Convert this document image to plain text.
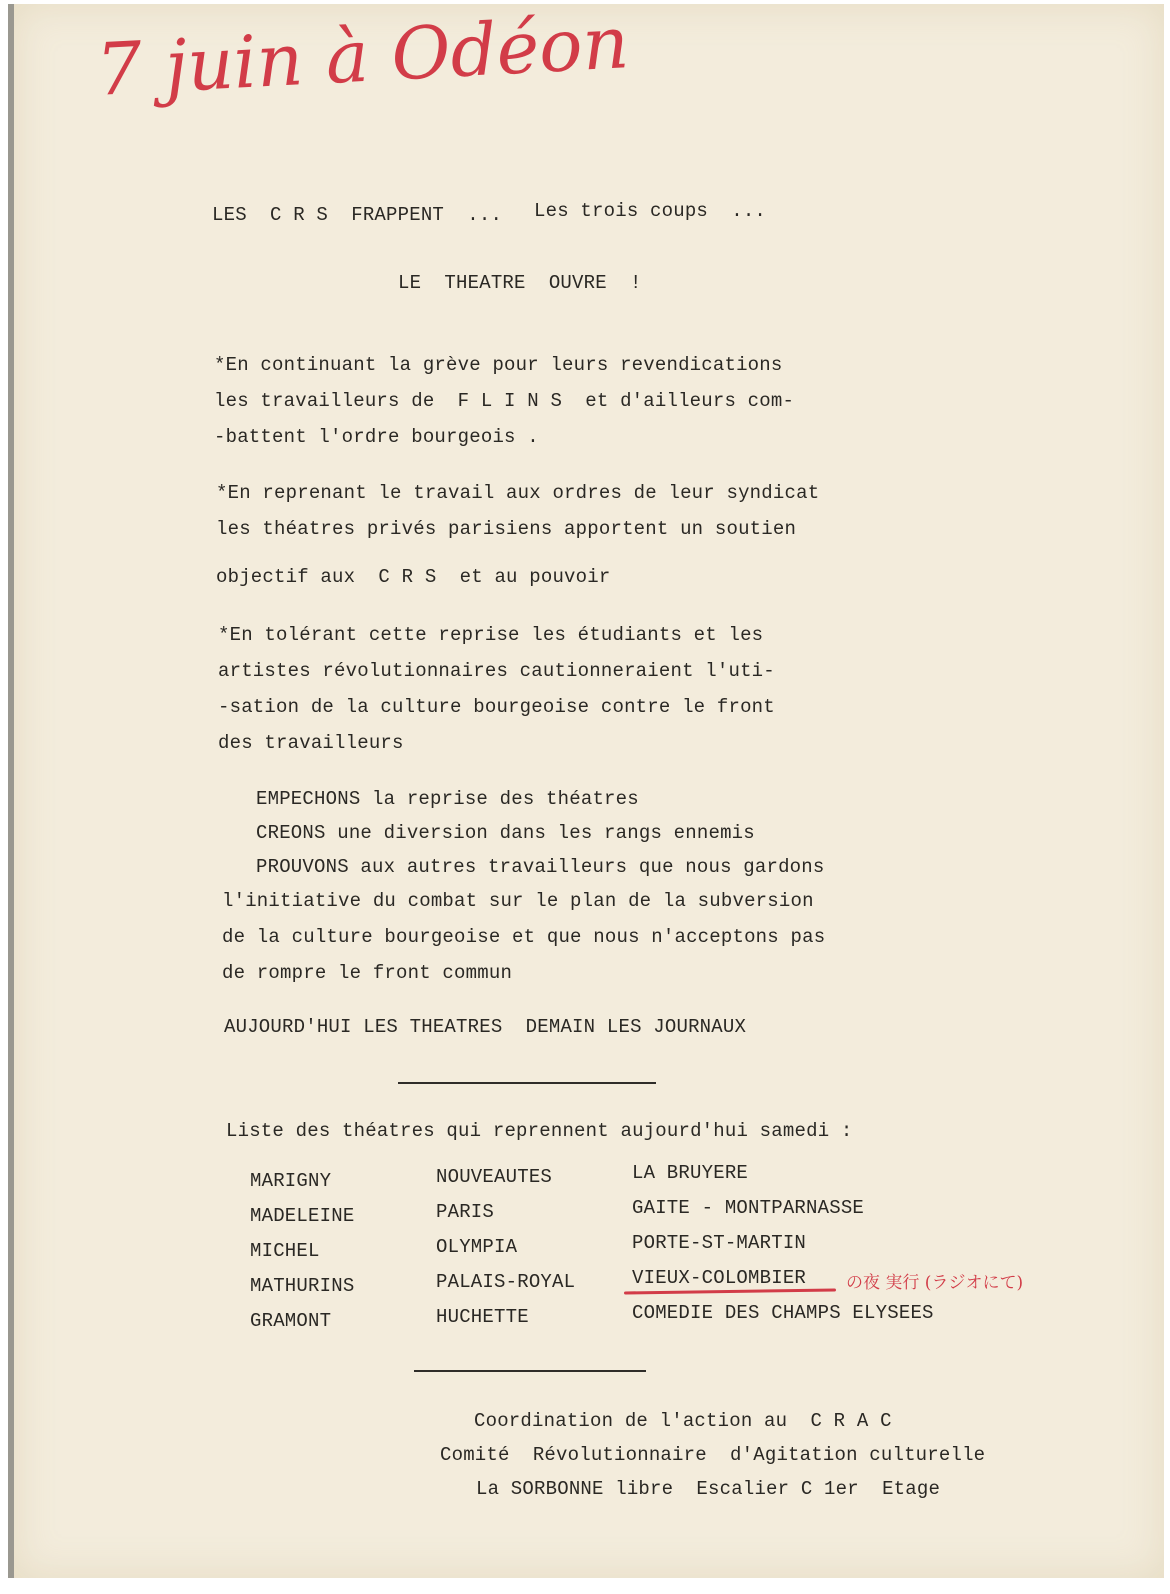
7 juin à Odéon
LES  C R S  FRAPPENT  ... Les trois coups  ...
LE  THEATRE  OUVRE  !
*En continuant la grève pour leurs revendications
les travailleurs de  F L I N S  et d'ailleurs com-
-battent l'ordre bourgeois .
*En reprenant le travail aux ordres de leur syndicat
les théatres privés parisiens apportent un soutien
objectif aux  C R S  et au pouvoir
*En tolérant cette reprise les étudiants et les
artistes révolutionnaires cautionneraient l'uti-
-sation de la culture bourgeoise contre le front
des travailleurs
EMPECHONS la reprise des théatres
CREONS une diversion dans les rangs ennemis
PROUVONS aux autres travailleurs que nous gardons
l'initiative du combat sur le plan de la subversion
de la culture bourgeoise et que nous n'acceptons pas
de rompre le front commun
AUJOURD'HUI LES THEATRES  DEMAIN LES JOURNAUX
Liste des théatres qui reprennent aujourd'hui samedi :
MARIGNY
MADELEINE
MICHEL
MATHURINS
GRAMONT
NOUVEAUTES
PARIS
OLYMPIA
PALAIS-ROYAL
HUCHETTE
LA BRUYERE
GAITE - MONTPARNASSE
PORTE-ST-MARTIN
VIEUX-COLOMBIER
COMEDIE DES CHAMPS ELYSEES
の夜 実行 (ラジオにて)
Coordination de l'action au  C R A C
Comité  Révolutionnaire  d'Agitation culturelle
La SORBONNE libre  Escalier C 1er  Etage
